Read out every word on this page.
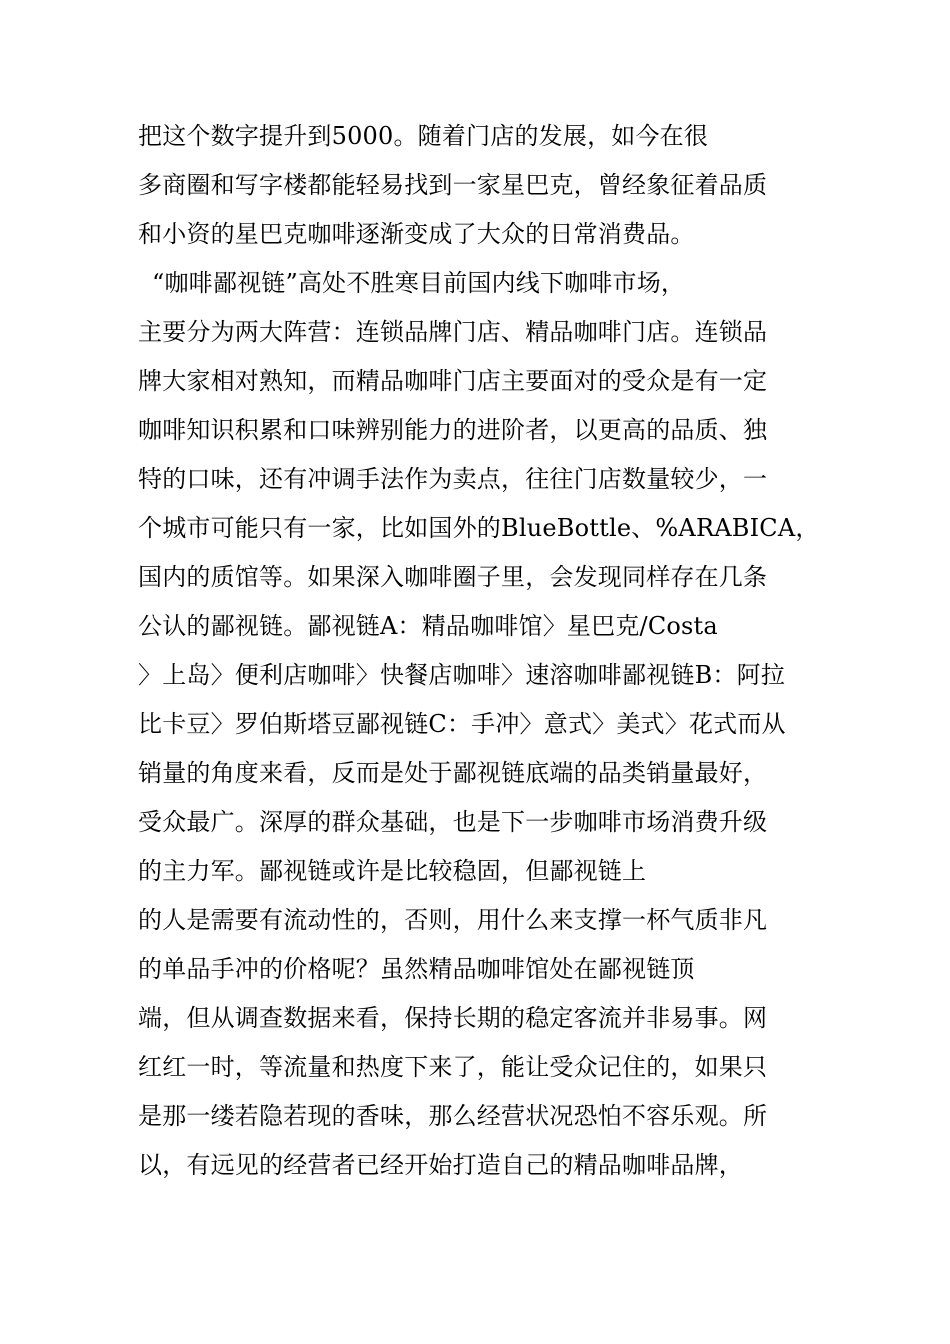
把这个数字提升到5000。随着门店的发展，如今在很
多商圈和写字楼都能轻易找到一家星巴克，曾经象征着品质
和小资的星巴克咖啡逐渐变成了大众的日常消费品。
“咖啡鄙视链”高处不胜寒目前国内线下咖啡市场，
主要分为两大阵营：连锁品牌门店、精品咖啡门店。连锁品
牌大家相对熟知，而精品咖啡门店主要面对的受众是有一定
咖啡知识积累和口味辨别能力的进阶者，以更高的品质、独
特的口味，还有冲调手法作为卖点，往往门店数量较少，一
个城市可能只有一家，比如国外的BlueBottle、%ARABICA，
国内的质馆等。如果深入咖啡圈子里，会发现同样存在几条
公认的鄙视链。鄙视链A：精品咖啡馆〉星巴克/Costa
〉上岛〉便利店咖啡〉快餐店咖啡〉速溶咖啡鄙视链B：阿拉
比卡豆〉罗伯斯塔豆鄙视链C：手冲〉意式〉美式〉花式而从
销量的角度来看，反而是处于鄙视链底端的品类销量最好，
受众最广。深厚的群众基础，也是下一步咖啡市场消费升级
的主力军。鄙视链或许是比较稳固，但鄙视链上
的人是需要有流动性的，否则，用什么来支撑一杯气质非凡
的单品手冲的价格呢？虽然精品咖啡馆处在鄙视链顶
端，但从调查数据来看，保持长期的稳定客流并非易事。网
红红一时，等流量和热度下来了，能让受众记住的，如果只
是那一缕若隐若现的香味，那么经营状况恐怕不容乐观。所
以，有远见的经营者已经开始打造自己的精品咖啡品牌，
